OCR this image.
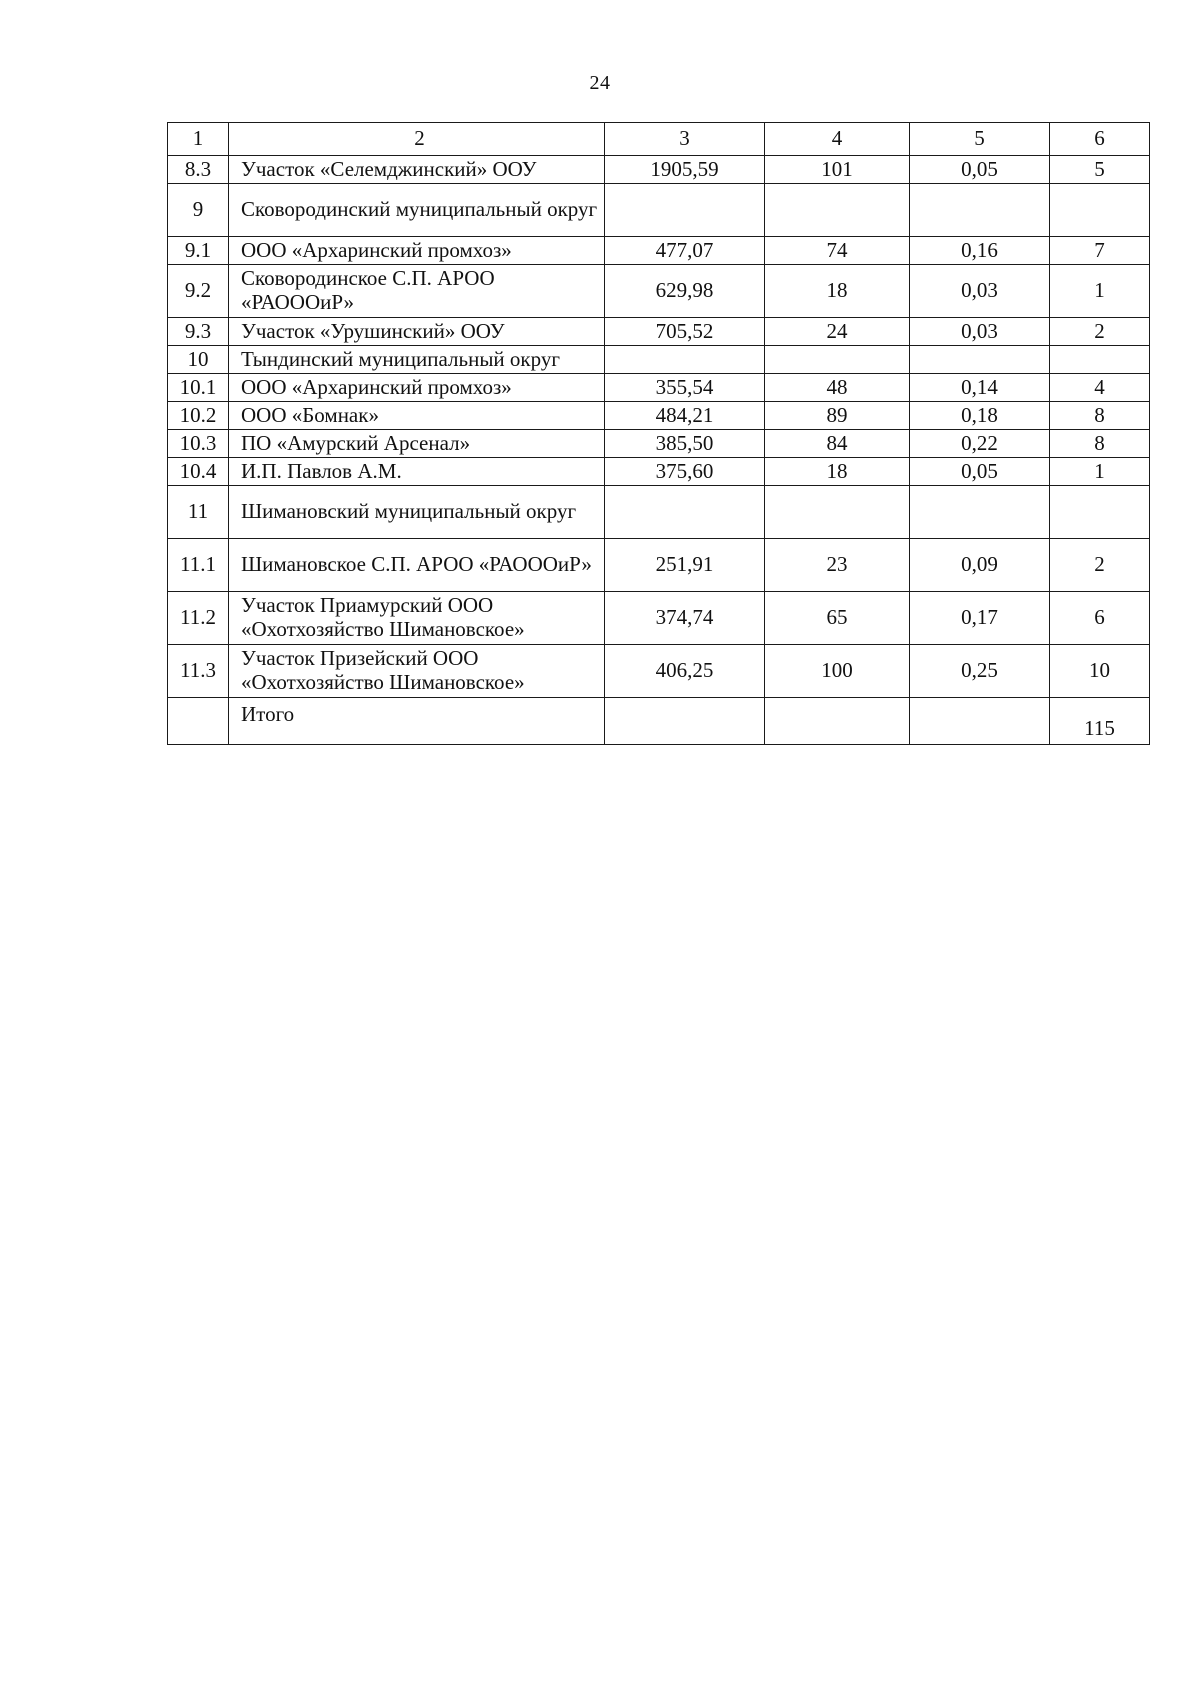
24
1	2	3	4	5	6
8.3	Участок «Селемджинский» ООУ	1905,59	101	0,05	5
9	Сковородинский муниципальный округ				
9.1	ООО «Архаринский промхоз»	477,07	74	0,16	7
9.2	Сковородинское С.П. АРОО «РАОООиР»	629,98	18	0,03	1
9.3	Участок «Урушинский» ООУ	705,52	24	0,03	2
10	Тындинский муниципальный округ				
10.1	ООО «Архаринский промхоз»	355,54	48	0,14	4
10.2	ООО «Бомнак»	484,21	89	0,18	8
10.3	ПО «Амурский Арсенал»	385,50	84	0,22	8
10.4	И.П. Павлов А.М.	375,60	18	0,05	1
11	Шимановский муниципальный округ				
11.1	Шимановское С.П. АРОО «РАОООиР»	251,91	23	0,09	2
11.2	Участок Приамурский ООО «Охотхозяйство Шимановское»	374,74	65	0,17	6
11.3	Участок Призейский ООО «Охотхозяйство Шимановское»	406,25	100	0,25	10
	Итого				115
